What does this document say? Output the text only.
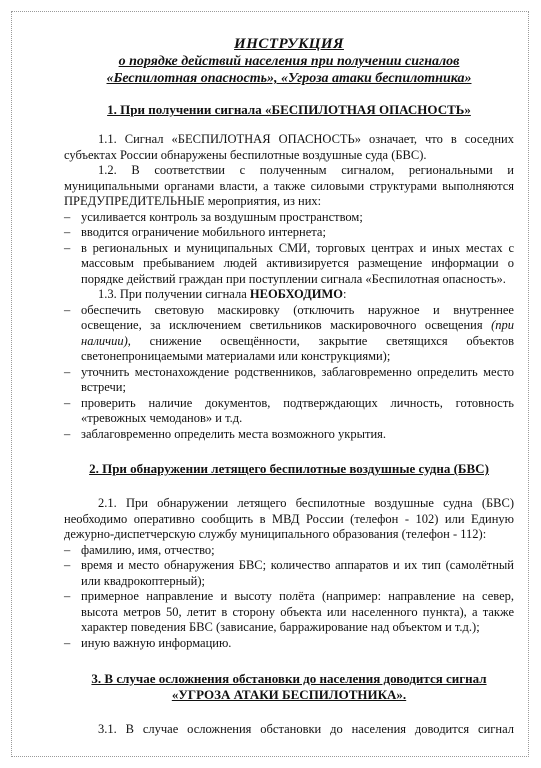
ИНСТРУКЦИЯ
о порядке действий населения при получении сигналов
«Беспилотная опасность», «Угроза атаки беспилотника»
1. При получении сигнала «БЕСПИЛОТНАЯ ОПАСНОСТЬ»

1.1. Сигнал «БЕСПИЛОТНАЯ ОПАСНОСТЬ» означает, что в соседних субъектах России обнаружены беспилотные воздушные суда (БВС).

1.2. В соответствии с полученным сигналом, региональными и муниципальными органами власти, а также силовыми структурами выполняются ПРЕДУПРЕДИТЕЛЬНЫЕ мероприятия, из них:

– усиливается контроль за воздушным пространством;
– вводится ограничение мобильного интернета;
– в региональных и муниципальных СМИ, торговых центрах и иных местах с массовым пребыванием людей активизируется размещение информации о порядке действий граждан при поступлении сигнала «Беспилотная опасность».

1.3. При получении сигнала НЕОБХОДИМО:

– обеспечить световую маскировку (отключить наружное и внутреннее освещение, за исключением светильников маскировочного освещения (при наличии), снижение освещённости, закрытие светящихся объектов светонепроницаемыми материалами или конструкциями);
– уточнить местонахождение родственников, заблаговременно определить место встречи;
– проверить наличие документов, подтверждающих личность, готовность «тревожных чемоданов» и т.д.
– заблаговременно определить места возможного укрытия.
2. При обнаружении летящего беспилотные воздушные судна (БВС)

2.1. При обнаружении летящего беспилотные воздушные судна (БВС) необходимо оперативно сообщить в МВД России (телефон - 102) или Единую дежурно-диспетчерскую службу муниципального образования (телефон - 112):

– фамилию, имя, отчество;
– время и место обнаружения БВС; количество аппаратов и их тип (самолётный или квадрокоптерный);
– примерное направление и высоту полёта (например: направление на север, высота метров 50, летит в сторону объекта или населенного пункта), а также характер поведения БВС (зависание, барражирование над объектом и т.д.);
– иную важную информацию.
3. В случае осложнения обстановки до населения доводится сигнал
«УГРОЗА АТАКИ БЕСПИЛОТНИКА».

3.1. В случае осложнения обстановки до населения доводится сигнал
